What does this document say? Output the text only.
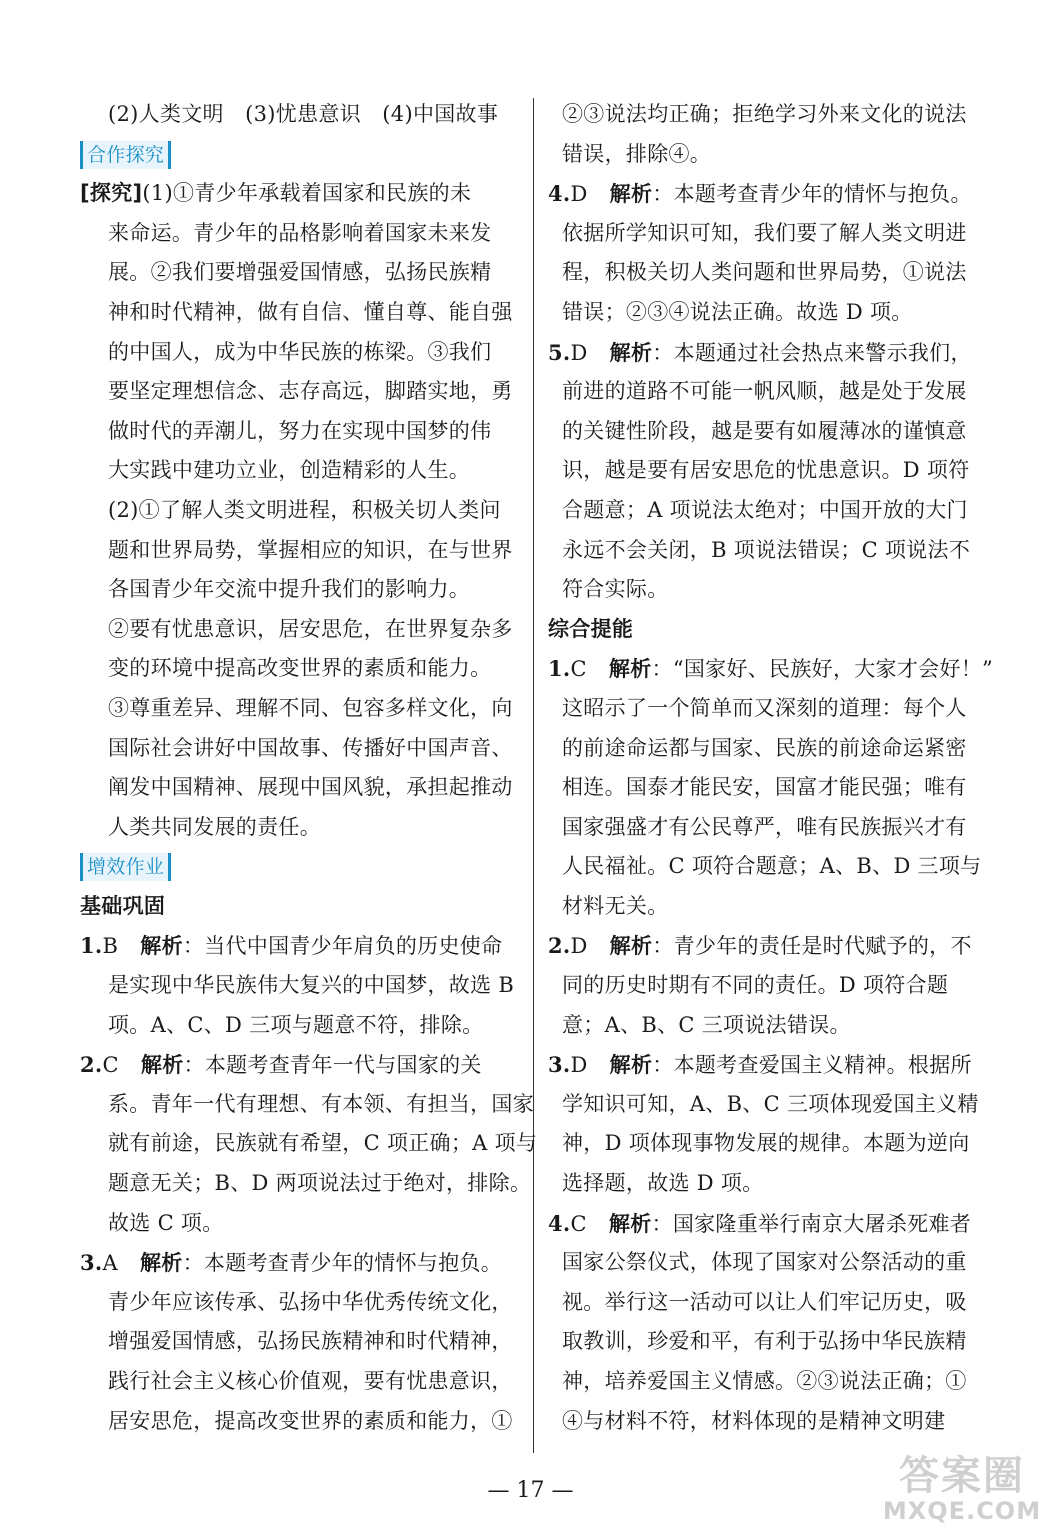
(2)人类文明　(3)忧患意识　(4)中国故事
合作探究
[探究](1)①青少年承载着国家和民族的未
来命运。青少年的品格影响着国家未来发
展。②我们要增强爱国情感，弘扬民族精
神和时代精神，做有自信、懂自尊、能自强
的中国人，成为中华民族的栋梁。③我们
要坚定理想信念、志存高远，脚踏实地，勇
做时代的弄潮儿，努力在实现中国梦的伟
大实践中建功立业，创造精彩的人生。
(2)①了解人类文明进程，积极关切人类问
题和世界局势，掌握相应的知识，在与世界
各国青少年交流中提升我们的影响力。
②要有忧患意识，居安思危，在世界复杂多
变的环境中提高改变世界的素质和能力。
③尊重差异、理解不同、包容多样文化，向
国际社会讲好中国故事、传播好中国声音、
阐发中国精神、展现中国风貌，承担起推动
人类共同发展的责任。
增效作业
基础巩固
1.B 解析：当代中国青少年肩负的历史使命
是实现中华民族伟大复兴的中国梦，故选 B
项。A、C、D 三项与题意不符，排除。
2.C 解析：本题考查青年一代与国家的关
系。青年一代有理想、有本领、有担当，国家
就有前途，民族就有希望，C 项正确；A 项与
题意无关；B、D 两项说法过于绝对，排除。
故选 C 项。
3.A 解析：本题考查青少年的情怀与抱负。
青少年应该传承、弘扬中华优秀传统文化，
增强爱国情感，弘扬民族精神和时代精神，
践行社会主义核心价值观，要有忧患意识，
居安思危，提高改变世界的素质和能力，①
②③说法均正确；拒绝学习外来文化的说法
错误，排除④。
4.D 解析：本题考查青少年的情怀与抱负。
依据所学知识可知，我们要了解人类文明进
程，积极关切人类问题和世界局势，①说法
错误；②③④说法正确。故选 D 项。
5.D 解析：本题通过社会热点来警示我们，
前进的道路不可能一帆风顺，越是处于发展
的关键性阶段，越是要有如履薄冰的谨慎意
识，越是要有居安思危的忧患意识。D 项符
合题意；A 项说法太绝对；中国开放的大门
永远不会关闭，B 项说法错误；C 项说法不
符合实际。
综合提能
1.C 解析：“国家好、民族好，大家才会好！”
这昭示了一个简单而又深刻的道理：每个人
的前途命运都与国家、民族的前途命运紧密
相连。国泰才能民安，国富才能民强；唯有
国家强盛才有公民尊严，唯有民族振兴才有
人民福祉。C 项符合题意；A、B、D 三项与
材料无关。
2.D 解析：青少年的责任是时代赋予的，不
同的历史时期有不同的责任。D 项符合题
意；A、B、C 三项说法错误。
3.D 解析：本题考查爱国主义精神。根据所
学知识可知，A、B、C 三项体现爱国主义精
神，D 项体现事物发展的规律。本题为逆向
选择题，故选 D 项。
4.C 解析：国家隆重举行南京大屠杀死难者
国家公祭仪式，体现了国家对公祭活动的重
视。举行这一活动可以让人们牢记历史，吸
取教训，珍爱和平，有利于弘扬中华民族精
神，培养爱国主义情感。②③说法正确；①
④与材料不符，材料体现的是精神文明建
— 17 —	答案圈
MXQE.COM
